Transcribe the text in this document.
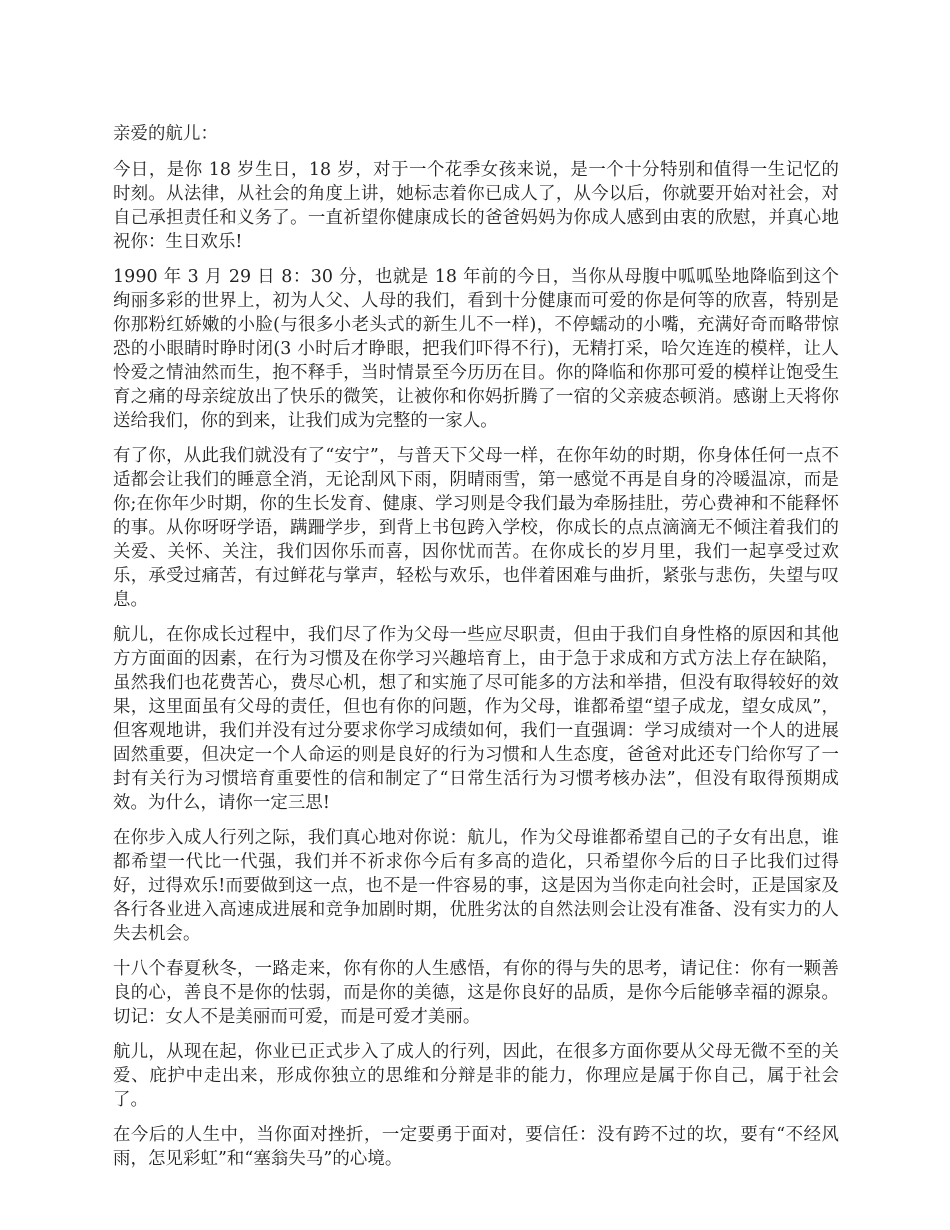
亲爱的航儿：

今日，是你 18 岁生日，18 岁，对于一个花季女孩来说，是一个十分特别和值得一生记忆的时刻。从法律，从社会的角度上讲，她标志着你已成人了，从今以后，你就要开始对社会，对自己承担责任和义务了。一直祈望你健康成长的爸爸妈妈为你成人感到由衷的欣慰，并真心地祝你：生日欢乐!

1990 年 3 月 29 日 8：30 分，也就是 18 年前的今日，当你从母腹中呱呱坠地降临到这个绚丽多彩的世界上，初为人父、人母的我们，看到十分健康而可爱的你是何等的欣喜，特别是你那粉红娇嫩的小脸(与很多小老头式的新生儿不一样)，不停蠕动的小嘴，充满好奇而略带惊恐的小眼睛时睁时闭(3 小时后才睁眼，把我们吓得不行)，无精打采，哈欠连连的模样，让人怜爱之情油然而生，抱不释手，当时情景至今历历在目。你的降临和你那可爱的模样让饱受生育之痛的母亲绽放出了快乐的微笑，让被你和你妈折腾了一宿的父亲疲态顿消。感谢上天将你送给我们，你的到来，让我们成为完整的一家人。

有了你，从此我们就没有了“安宁”，与普天下父母一样，在你年幼的时期，你身体任何一点不适都会让我们的睡意全消，无论刮风下雨，阴晴雨雪，第一感觉不再是自身的冷暖温凉，而是你;在你年少时期，你的生长发育、健康、学习则是令我们最为牵肠挂肚，劳心费神和不能释怀的事。从你呀呀学语，蹒跚学步，到背上书包跨入学校，你成长的点点滴滴无不倾注着我们的关爱、关怀、关注，我们因你乐而喜，因你忧而苦。在你成长的岁月里，我们一起享受过欢乐，承受过痛苦，有过鲜花与掌声，轻松与欢乐，也伴着困难与曲折，紧张与悲伤，失望与叹息。

航儿，在你成长过程中，我们尽了作为父母一些应尽职责，但由于我们自身性格的原因和其他方方面面的因素，在行为习惯及在你学习兴趣培育上，由于急于求成和方式方法上存在缺陷，虽然我们也花费苦心，费尽心机，想了和实施了尽可能多的方法和举措，但没有取得较好的效果，这里面虽有父母的责任，但也有你的问题，作为父母，谁都希望“望子成龙，望女成凤”，但客观地讲，我们并没有过分要求你学习成绩如何，我们一直强调：学习成绩对一个人的进展固然重要，但决定一个人命运的则是良好的行为习惯和人生态度，爸爸对此还专门给你写了一封有关行为习惯培育重要性的信和制定了“日常生活行为习惯考核办法”，但没有取得预期成效。为什么，请你一定三思!

在你步入成人行列之际，我们真心地对你说：航儿，作为父母谁都希望自己的子女有出息，谁都希望一代比一代强，我们并不祈求你今后有多高的造化，只希望你今后的日子比我们过得好，过得欢乐!而要做到这一点，也不是一件容易的事，这是因为当你走向社会时，正是国家及各行各业进入高速成进展和竞争加剧时期，优胜劣汰的自然法则会让没有准备、没有实力的人失去机会。

十八个春夏秋冬，一路走来，你有你的人生感悟，有你的得与失的思考，请记住：你有一颗善良的心，善良不是你的怯弱，而是你的美德，这是你良好的品质，是你今后能够幸福的源泉。切记：女人不是美丽而可爱，而是可爱才美丽。

航儿，从现在起，你业已正式步入了成人的行列，因此，在很多方面你要从父母无微不至的关爱、庇护中走出来，形成你独立的思维和分辩是非的能力，你理应是属于你自己，属于社会了。

在今后的人生中，当你面对挫折，一定要勇于面对，要信任：没有跨不过的坎，要有“不经风雨，怎见彩虹”和“塞翁失马”的心境。
